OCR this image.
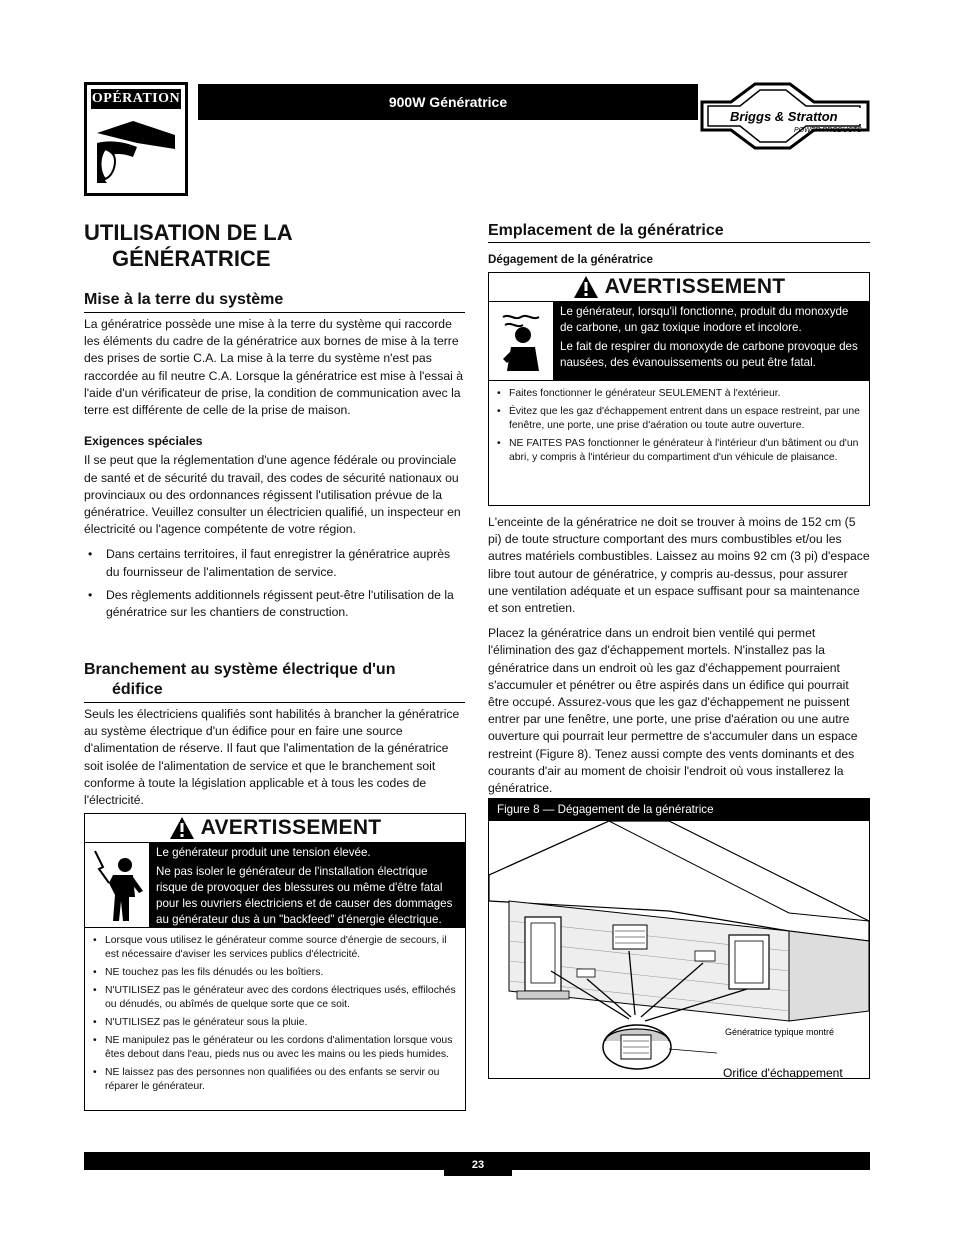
OPÉRATION	900W Génératrice
Briggs & Stratton
POWER PRODUCTS
UTILISATION DE LA
GÉNÉRATRICE
Mise à la terre du système

La génératrice possède une mise à la terre du système qui raccorde les éléments du cadre de la génératrice aux bornes de mise à la terre des prises de sortie C.A. La mise à la terre du système n'est pas raccordée au fil neutre C.A. Lorsque la génératrice est mise à l'essai à l'aide d'un vérificateur de prise, la condition de communication avec la terre est différente de celle de la prise de maison.

Exigences spéciales

Il se peut que la réglementation d'une agence fédérale ou provinciale de santé et de sécurité du travail, des codes de sécurité nationaux ou provinciaux ou des ordonnances régissent l'utilisation prévue de la génératrice. Veuillez consulter un électricien qualifié, un inspecteur en électricité ou l'agence compétente de votre région.

• Dans certains territoires, il faut enregistrer la génératrice auprès du fournisseur de l'alimentation de service.
• Des règlements additionnels régissent peut-être l'utilisation de la génératrice sur les chantiers de construction.
Branchement au système électrique d'un
édifice

Seuls les électriciens qualifiés sont habilités à brancher la génératrice au système électrique d'un édifice pour en faire une source d'alimentation de réserve. Il faut que l'alimentation de la génératrice soit isolée de l'alimentation de service et que le branchement soit conforme à toute la législation applicable et à tous les codes de l'électricité.

AVERTISSEMENT

Le générateur produit une tension élevée.

Ne pas isoler le générateur de l'installation électrique risque de provoquer des blessures ou même d'être fatal pour les ouvriers électriciens et de causer des dommages au générateur dus à un "backfeed" d'énergie électrique.

• Lorsque vous utilisez le générateur comme source d'énergie de secours, il est nécessaire d'aviser les services publics d'électricité.
• NE touchez pas les fils dénudés ou les boîtiers.
• N'UTILISEZ pas le générateur avec des cordons électriques usés, effilochés ou dénudés, ou abîmés de quelque sorte que ce soit.
• N'UTILISEZ pas le générateur sous la pluie.
• NE manipulez pas le générateur ou les cordons d'alimentation lorsque vous êtes debout dans l'eau, pieds nus ou avec les mains ou les pieds humides.
• NE laissez pas des personnes non qualifiées ou des enfants se servir ou réparer le générateur.
Emplacement de la génératrice
Dégagement de la génératrice
AVERTISSEMENT

Le générateur, lorsqu'il fonctionne, produit du monoxyde de carbone, un gaz toxique inodore et incolore.

Le fait de respirer du monoxyde de carbone provoque des nausées, des évanouissements ou peut être fatal.

• Faites fonctionner le générateur SEULEMENT à l'extérieur.
• Évitez que les gaz d'échappement entrent dans un espace restreint, par une fenêtre, une porte, une prise d'aération ou toute autre ouverture.
• NE FAITES PAS fonctionner le générateur à l'intérieur d'un bâtiment ou d'un abri, y compris à l'intérieur du compartiment d'un véhicule de plaisance.

L'enceinte de la génératrice ne doit se trouver à moins de 152 cm (5 pi) de toute structure comportant des murs combustibles et/ou les autres matériels combustibles. Laissez au moins 92 cm (3 pi) d'espace libre tout autour de génératrice, y compris au-dessus, pour assurer une ventilation adéquate et un espace suffisant pour sa maintenance et son entretien.

Placez la génératrice dans un endroit bien ventilé qui permet l'élimination des gaz d'échappement mortels. N'installez pas la génératrice dans un endroit où les gaz d'échappement pourraient s'accumuler et pénétrer ou être aspirés dans un édifice qui pourrait être occupé. Assurez-vous que les gaz d'échappement ne puissent entrer par une fenêtre, une porte, une prise d'aération ou une autre ouverture qui pourrait leur permettre de s'accumuler dans un espace restreint (Figure 8). Tenez aussi compte des vents dominants et des courants d'air au moment de choisir l'endroit où vous installerez la génératrice.

Figure 8 — Dégagement de la génératrice
Génératrice typique montré
Orifice d'échappement
23
